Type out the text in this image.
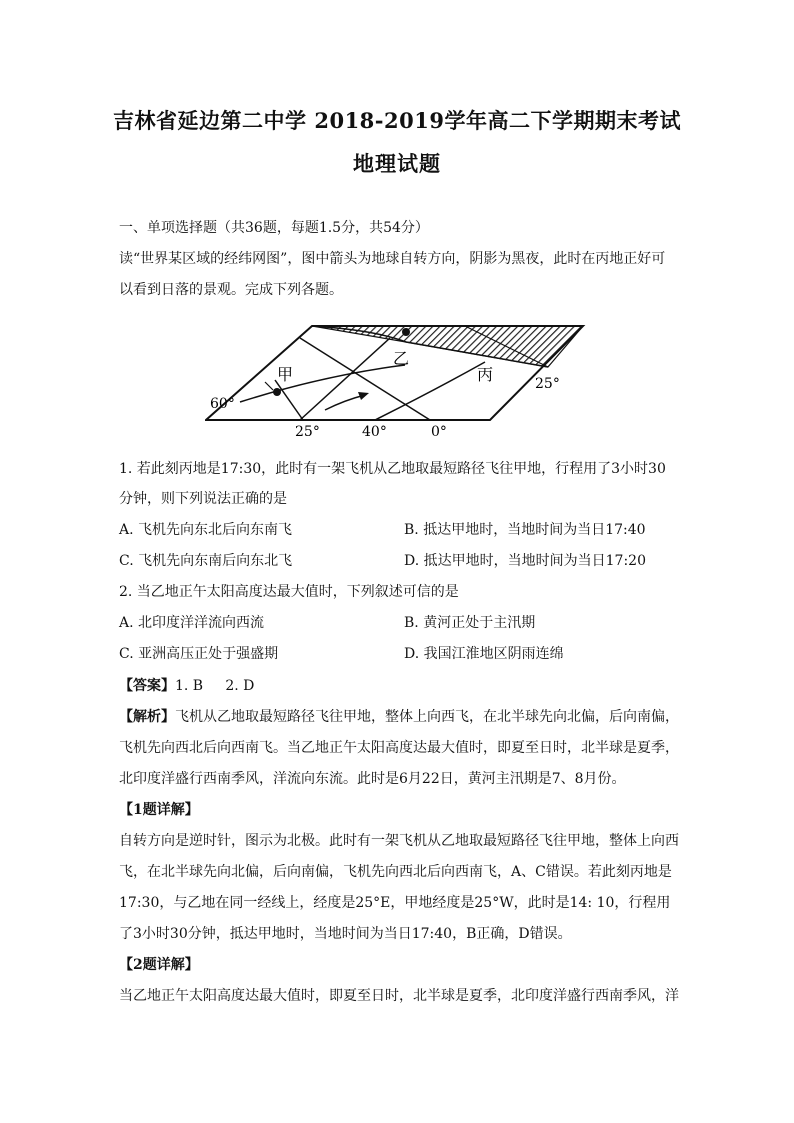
吉林省延边第二中学 2018-2019学年高二下学期期末考试
地理试题
一、单项选择题（共36题，每题1.5分，共54分）
读“世界某区域的经纬网图”，图中箭头为地球自转方向，阴影为黑夜，此时在丙地正好可
以看到日落的景观。完成下列各题。
甲
乙
丙
60°
25°
25°	40°	0°
1. 若此刻丙地是17:30，此时有一架飞机从乙地取最短路径飞往甲地，行程用了3小时30
分钟，则下列说法正确的是
A. 飞机先向东北后向东南飞	B. 抵达甲地时，当地时间为当日17:40
C. 飞机先向东南后向东北飞	D. 抵达甲地时，当地时间为当日17:20
2. 当乙地正午太阳高度达最大值时，下列叙述可信的是
A. 北印度洋洋流向西流	B. 黄河正处于主汛期
C. 亚洲高压正处于强盛期	D. 我国江淮地区阴雨连绵
【答案】1. B     2. D
【解析】飞机从乙地取最短路径飞往甲地，整体上向西飞，在北半球先向北偏，后向南偏，
飞机先向西北后向西南飞。当乙地正午太阳高度达最大值时，即夏至日时，北半球是夏季，
北印度洋盛行西南季风，洋流向东流。此时是6月22日，黄河主汛期是7、8月份。
【1题详解】
自转方向是逆时针，图示为北极。此时有一架飞机从乙地取最短路径飞往甲地，整体上向西
飞，在北半球先向北偏，后向南偏，飞机先向西北后向西南飞，A、C错误。若此刻丙地是
17:30，与乙地在同一经线上，经度是25°E，甲地经度是25°W，此时是14: 10，行程用
了3小时30分钟，抵达甲地时，当地时间为当日17:40，B正确，D错误。
【2题详解】
当乙地正午太阳高度达最大值时，即夏至日时，北半球是夏季，北印度洋盛行西南季风，洋
